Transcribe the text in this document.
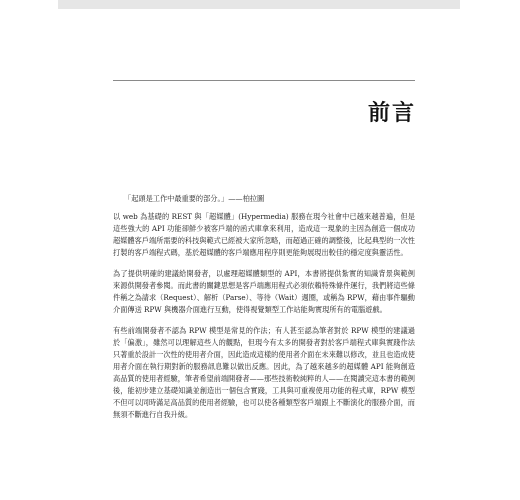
前言
「起頭是工作中最重要的部分。」——柏拉圖

以 web 為基礎的 REST 與「超媒體」(Hypermedia) 服務在現今社會中已越來越普遍，但是這些強大的 API 功能卻鮮少被客戶端的函式庫拿來利用，造成這一現象的主因為創造一個成功超媒體客戶端所需要的科技與範式已經被大家所忽略，而超過正確的調整後，比起典型的一次性打製的客戶端程式碼，基於超媒體的客戶端應用程序則更能夠展現出較佳的穩定度與靈活性。

為了提供明確的建議給開發者，以處理超媒體類型的 API，本書將提供紮實的知識背景與範例來源供開發者參閱。而此書的關鍵思想是客戶端應用程式必須依賴特殊條件運行，我們將這些條件稱之為請求（Request）、解析（Parse）、等待（Wait）週圈，或稱為 RPW，藉由事件驅動介面傳送 RPW 與機器介面進行互動，使得視覺類型工作站能夠實現所有的電腦遊戲。

有些前端開發者不認為 RPW 模型是常見的作法；有人甚至認為筆者對於 RPW 模型的建議過於「偏激」，雖然可以理解這些人的觀點，但現今有太多的開發者對於客戶端程式庫與實踐作法只著重於設計一次性的使用者介面，因此造成這樣的使用者介面在未來難以修改，並且也造成使用者介面在執行期對新的服務訊息難以做出反應。因此，為了越來越多的超媒體 API 能夠創造高品質的使用者經驗，筆者希望前端開發者——那些技術較純粹的人——在閱讀完這本書的範例後，能初步建立基礎知識並創造出一個包含實踐，工具與可重複使用功能的程式庫，RPW 模型不但可以同時滿足高品質的使用者經驗，也可以使各種類型客戶端跟上不斷演化的服務介面，而無須不斷進行自我升級。
